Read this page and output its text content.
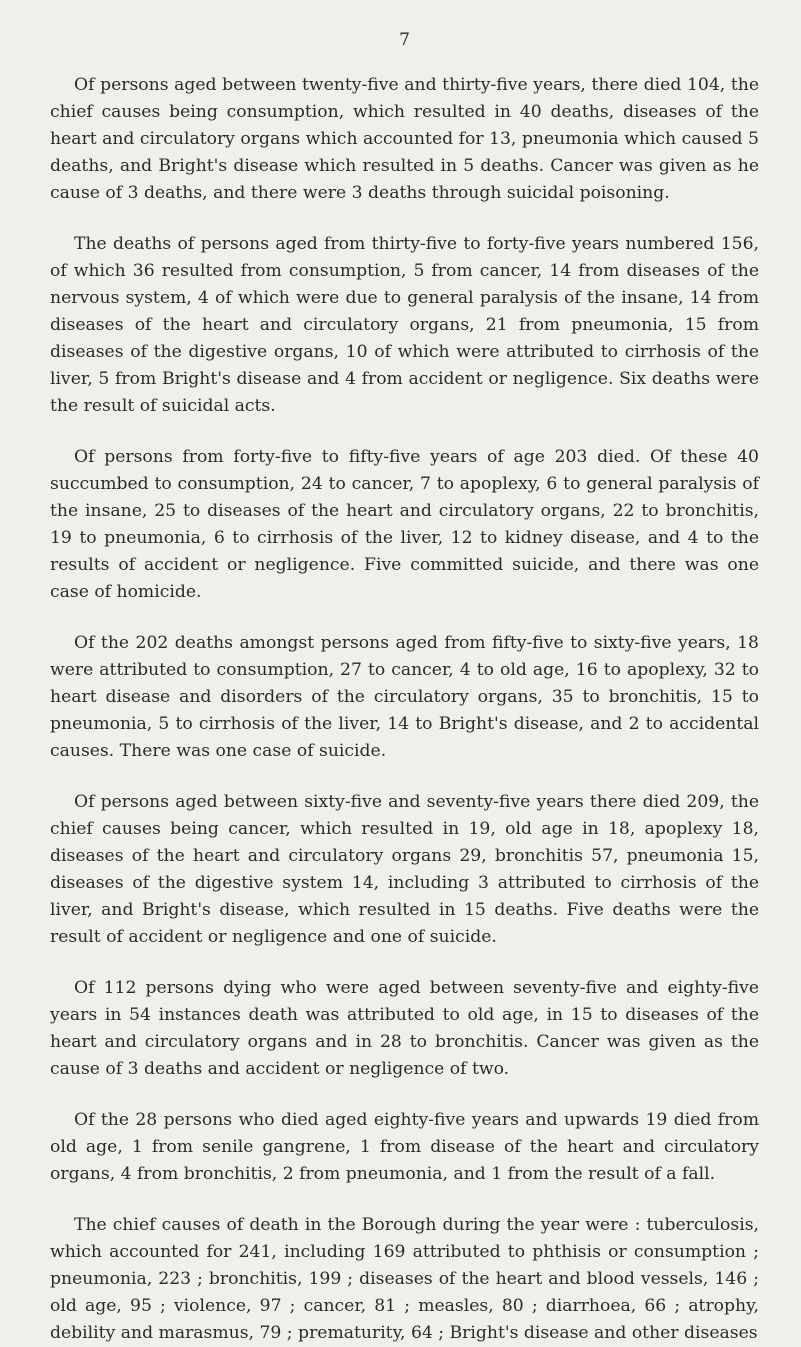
7

Of persons aged between twenty-five and thirty-five years, there died 104, the chief causes being consumption, which resulted in 40 deaths, diseases of the heart and circulatory organs which accounted for 13, pneumonia which caused 5 deaths, and Bright's disease which resulted in 5 deaths. Cancer was given as he cause of 3 deaths, and there were 3 deaths through suicidal poisoning.

The deaths of persons aged from thirty-five to forty-five years numbered 156, of which 36 resulted from consumption, 5 from cancer, 14 from diseases of the nervous system, 4 of which were due to general paralysis of the insane, 14 from diseases of the heart and circulatory organs, 21 from pneumonia, 15 from diseases of the digestive organs, 10 of which were attributed to cirrhosis of the liver, 5 from Bright's disease and 4 from accident or negligence. Six deaths were the result of suicidal acts.

Of persons from forty-five to fifty-five years of age 203 died. Of these 40 succumbed to consumption, 24 to cancer, 7 to apoplexy, 6 to general paralysis of the insane, 25 to diseases of the heart and circulatory organs, 22 to bronchitis, 19 to pneumonia, 6 to cirrhosis of the liver, 12 to kidney disease, and 4 to the results of accident or negligence. Five committed suicide, and there was one case of homicide.

Of the 202 deaths amongst persons aged from fifty-five to sixty-five years, 18 were attributed to consumption, 27 to cancer, 4 to old age, 16 to apoplexy, 32 to heart disease and disorders of the circulatory organs, 35 to bronchitis, 15 to pneumonia, 5 to cirrhosis of the liver, 14 to Bright's disease, and 2 to accidental causes. There was one case of suicide.

Of persons aged between sixty-five and seventy-five years there died 209, the chief causes being cancer, which resulted in 19, old age in 18, apoplexy 18, diseases of the heart and circulatory organs 29, bronchitis 57, pneumonia 15, diseases of the digestive system 14, including 3 attributed to cirrhosis of the liver, and Bright's disease, which resulted in 15 deaths. Five deaths were the result of accident or negligence and one of suicide.

Of 112 persons dying who were aged between seventy-five and eighty-five years in 54 instances death was attributed to old age, in 15 to diseases of the heart and circulatory organs and in 28 to bronchitis. Cancer was given as the cause of 3 deaths and accident or negligence of two.

Of the 28 persons who died aged eighty-five years and upwards 19 died from old age, 1 from senile gangrene, 1 from disease of the heart and circulatory organs, 4 from bronchitis, 2 from pneumonia, and 1 from the result of a fall.

The chief causes of death in the Borough during the year were : tuberculosis, which accounted for 241, including 169 attributed to phthisis or consumption ; pneumonia, 223 ; bronchitis, 199 ; diseases of the heart and blood vessels, 146 ; old age, 95 ; violence, 97 ; cancer, 81 ; measles, 80 ; diarrhoea, 66 ; atrophy, debility and marasmus, 79 ; prematurity, 64 ; Bright's disease and other diseases
